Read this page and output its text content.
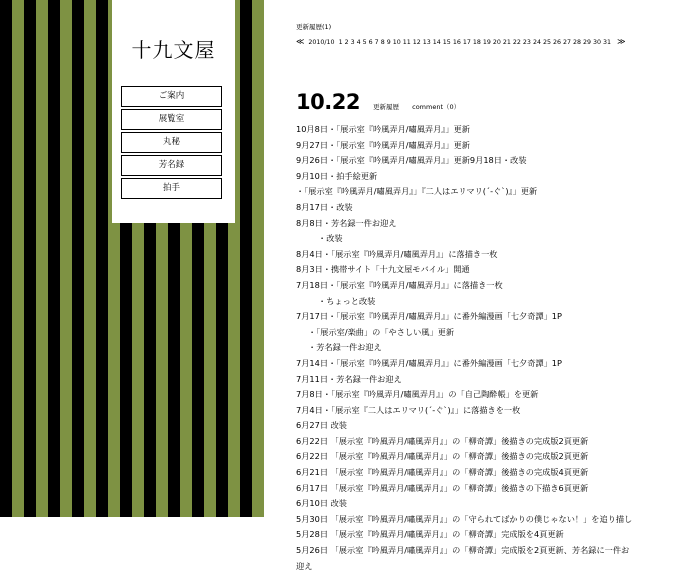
十九文屋
ご案内
展覧室
丸秘
芳名録
拍手
更新履歴(1)
≪ 2010/10 1 2 3 4 5 6 7 8 9 10 11 12 13 14 15 16 17 18 19 20 21 22 23 24 25 26 27 28 29 30 31 ≫
10.22 更新履歴 comment（0）
10月8日・「展示室『吟風弄月/嘯風弄月』」更新
9月27日・「展示室『吟風弄月/嘯風弄月』」更新
9月26日・「展示室『吟風弄月/嘯風弄月』」更新9月18日・改装
9月10日・拍手絵更新
・「展示室『吟風弄月/嘯風弄月』」『二人はエリマリ(´-ぐ`)』」更新
8月17日・改装
8月8日・芳名録一件お迎え
・改装
8月4日・「展示室『吟風弄月/嘯風弄月』」に落描き一枚
8月3日・携帯サイト「十九文屋モバイル」開通
7月18日・「展示室『吟風弄月/嘯風弄月』」に落描き一枚
・ちょっと改装
7月17日・「展示室『吟風弄月/嘯風弄月』」に番外編漫画「七夕奇譚」1P
・「展示室/楽曲」の「やさしい風」更新
・芳名録一件お迎え
7月14日・「展示室『吟風弄月/嘯風弄月』」に番外編漫画「七夕奇譚」1P
7月11日・芳名録一件お迎え
7月8日・「展示室『吟風弄月/嘯風弄月』」の「自己陶酔帳」を更新
7月4日・「展示室『二人はエリマリ(´-ぐ`)』」に落描きを一枚
6月27日 改装
6月22日 「展示室『吟風弄月/嘯風弄月』」の「柳奇譚」後描きの完成版2頁更新
6月22日 「展示室『吟風弄月/嘯風弄月』」の「柳奇譚」後描きの完成版2頁更新
6月21日 「展示室『吟風弄月/嘯風弄月』」の「柳奇譚」後描きの完成版4頁更新
6月17日 「展示室『吟風弄月/嘯風弄月』」の「柳奇譚」後描きの下描き6頁更新
6月10日 改装
5月30日 「展示室『吟風弄月/嘯風弄月』」の「守られてばかりの僕じゃない！」を追り描し
5月28日 「展示室『吟風弄月/嘯風弄月』」の「柳奇譚」完成版を4頁更新
5月26日 「展示室『吟風弄月/嘯風弄月』」の「柳奇譚」完成版を2頁更新、芳名録に一件お
迎え
